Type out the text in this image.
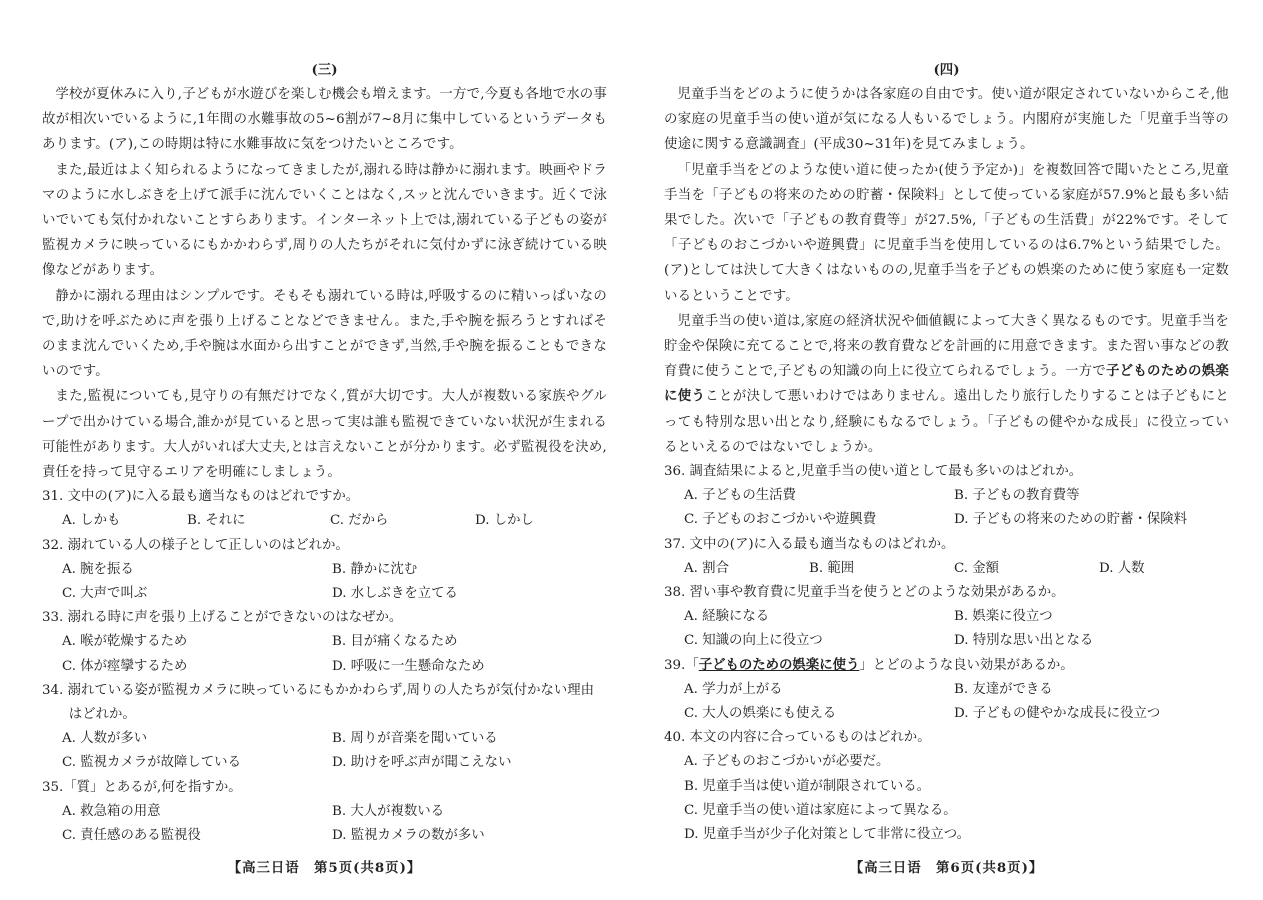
(三)
学校が夏休みに入り,子どもが水遊びを楽しむ機会も増えます。一方で,今夏も各地で水の事故が相次いでいるように,1年間の水難事故の5~6割が7~8月に集中しているというデータもあります。(ア),この時期は特に水難事故に気をつけたいところです。
また,最近はよく知られるようになってきましたが,溺れる時は静かに溺れます。映画やドラマのように水しぶきを上げて派手に沈んでいくことはなく,スッと沈んでいきます。近くで泳いでいても気付かれないことすらあります。インターネット上では,溺れている子どもの姿が監視カメラに映っているにもかかわらず,周りの人たちがそれに気付かずに泳ぎ続けている映像などがあります。
静かに溺れる理由はシンプルです。そもそも溺れている時は,呼吸するのに精いっぱいなので,助けを呼ぶために声を張り上げることなどできません。また,手や腕を振ろうとすればそのまま沈んでいくため,手や腕は水面から出すことができず,当然,手や腕を振ることもできないのです。
また,監視についても,見守りの有無だけでなく,質が大切です。大人が複数いる家族やグループで出かけている場合,誰かが見ていると思って実は誰も監視できていない状況が生まれる可能性があります。大人がいれば大丈夫,とは言えないことが分かります。必ず監視役を決め,責任を持って見守るエリアを明確にしましょう。
31. 文中の(ア)に入る最も適当なものはどれですか。
A. しかも	B. それに	C. だから	D. しかし
32. 溺れている人の様子として正しいのはどれか。
A. 腕を振る	B. 静かに沈む
C. 大声で叫ぶ	D. 水しぶきを立てる
33. 溺れる時に声を張り上げることができないのはなぜか。
A. 喉が乾燥するため	B. 目が痛くなるため
C. 体が痙攣するため	D. 呼吸に一生懸命なため
34. 溺れている姿が監視カメラに映っているにもかかわらず,周りの人たちが気付かない理由はどれか。
A. 人数が多い	B. 周りが音楽を聞いている
C. 監視カメラが故障している	D. 助けを呼ぶ声が聞こえない
35.「質」とあるが,何を指すか。
A. 救急箱の用意	B. 大人が複数いる
C. 責任感のある監視役	D. 監視カメラの数が多い
【高三日语　第5页(共8页)】
(四)
児童手当をどのように使うかは各家庭の自由です。使い道が限定されていないからこそ,他の家庭の児童手当の使い道が気になる人もいるでしょう。内閣府が実施した「児童手当等の使途に関する意識調査」(平成30~31年)を見てみましょう。
「児童手当をどのような使い道に使ったか(使う予定か)」を複数回答で聞いたところ,児童手当を「子どもの将来のための貯蓄・保険料」として使っている家庭が57.9%と最も多い結果でした。次いで「子どもの教育費等」が27.5%,「子どもの生活費」が22%です。そして「子どものおこづかいや遊興費」に児童手当を使用しているのは6.7%という結果でした。(ア)としては決して大きくはないものの,児童手当を子どもの娯楽のために使う家庭も一定数いるということです。
児童手当の使い道は,家庭の経済状況や価値観によって大きく異なるものです。児童手当を貯金や保険に充てることで,将来の教育費などを計画的に用意できます。また習い事などの教育費に使うことで,子どもの知識の向上に役立てられるでしょう。一方で子どものための娯楽に使うことが決して悪いわけではありません。遠出したり旅行したりすることは子どもにとっても特別な思い出となり,経験にもなるでしょう。「子どもの健やかな成長」に役立っているといえるのではないでしょうか。
36. 調査結果によると,児童手当の使い道として最も多いのはどれか。
A. 子どもの生活費	B. 子どもの教育費等
C. 子どものおこづかいや遊興費	D. 子どもの将来のための貯蓄・保険料
37. 文中の(ア)に入る最も適当なものはどれか。
A. 割合	B. 範囲	C. 金額	D. 人数
38. 習い事や教育費に児童手当を使うとどのような効果があるか。
A. 経験になる	B. 娯楽に役立つ
C. 知識の向上に役立つ	D. 特別な思い出となる
39.「子どものための娯楽に使う」とどのような良い効果があるか。
A. 学力が上がる	B. 友達ができる
C. 大人の娯楽にも使える	D. 子どもの健やかな成長に役立つ
40. 本文の内容に合っているものはどれか。
A. 子どものおこづかいが必要だ。
B. 児童手当は使い道が制限されている。
C. 児童手当の使い道は家庭によって異なる。
D. 児童手当が少子化対策として非常に役立つ。
【高三日语　第6页(共8页)】
